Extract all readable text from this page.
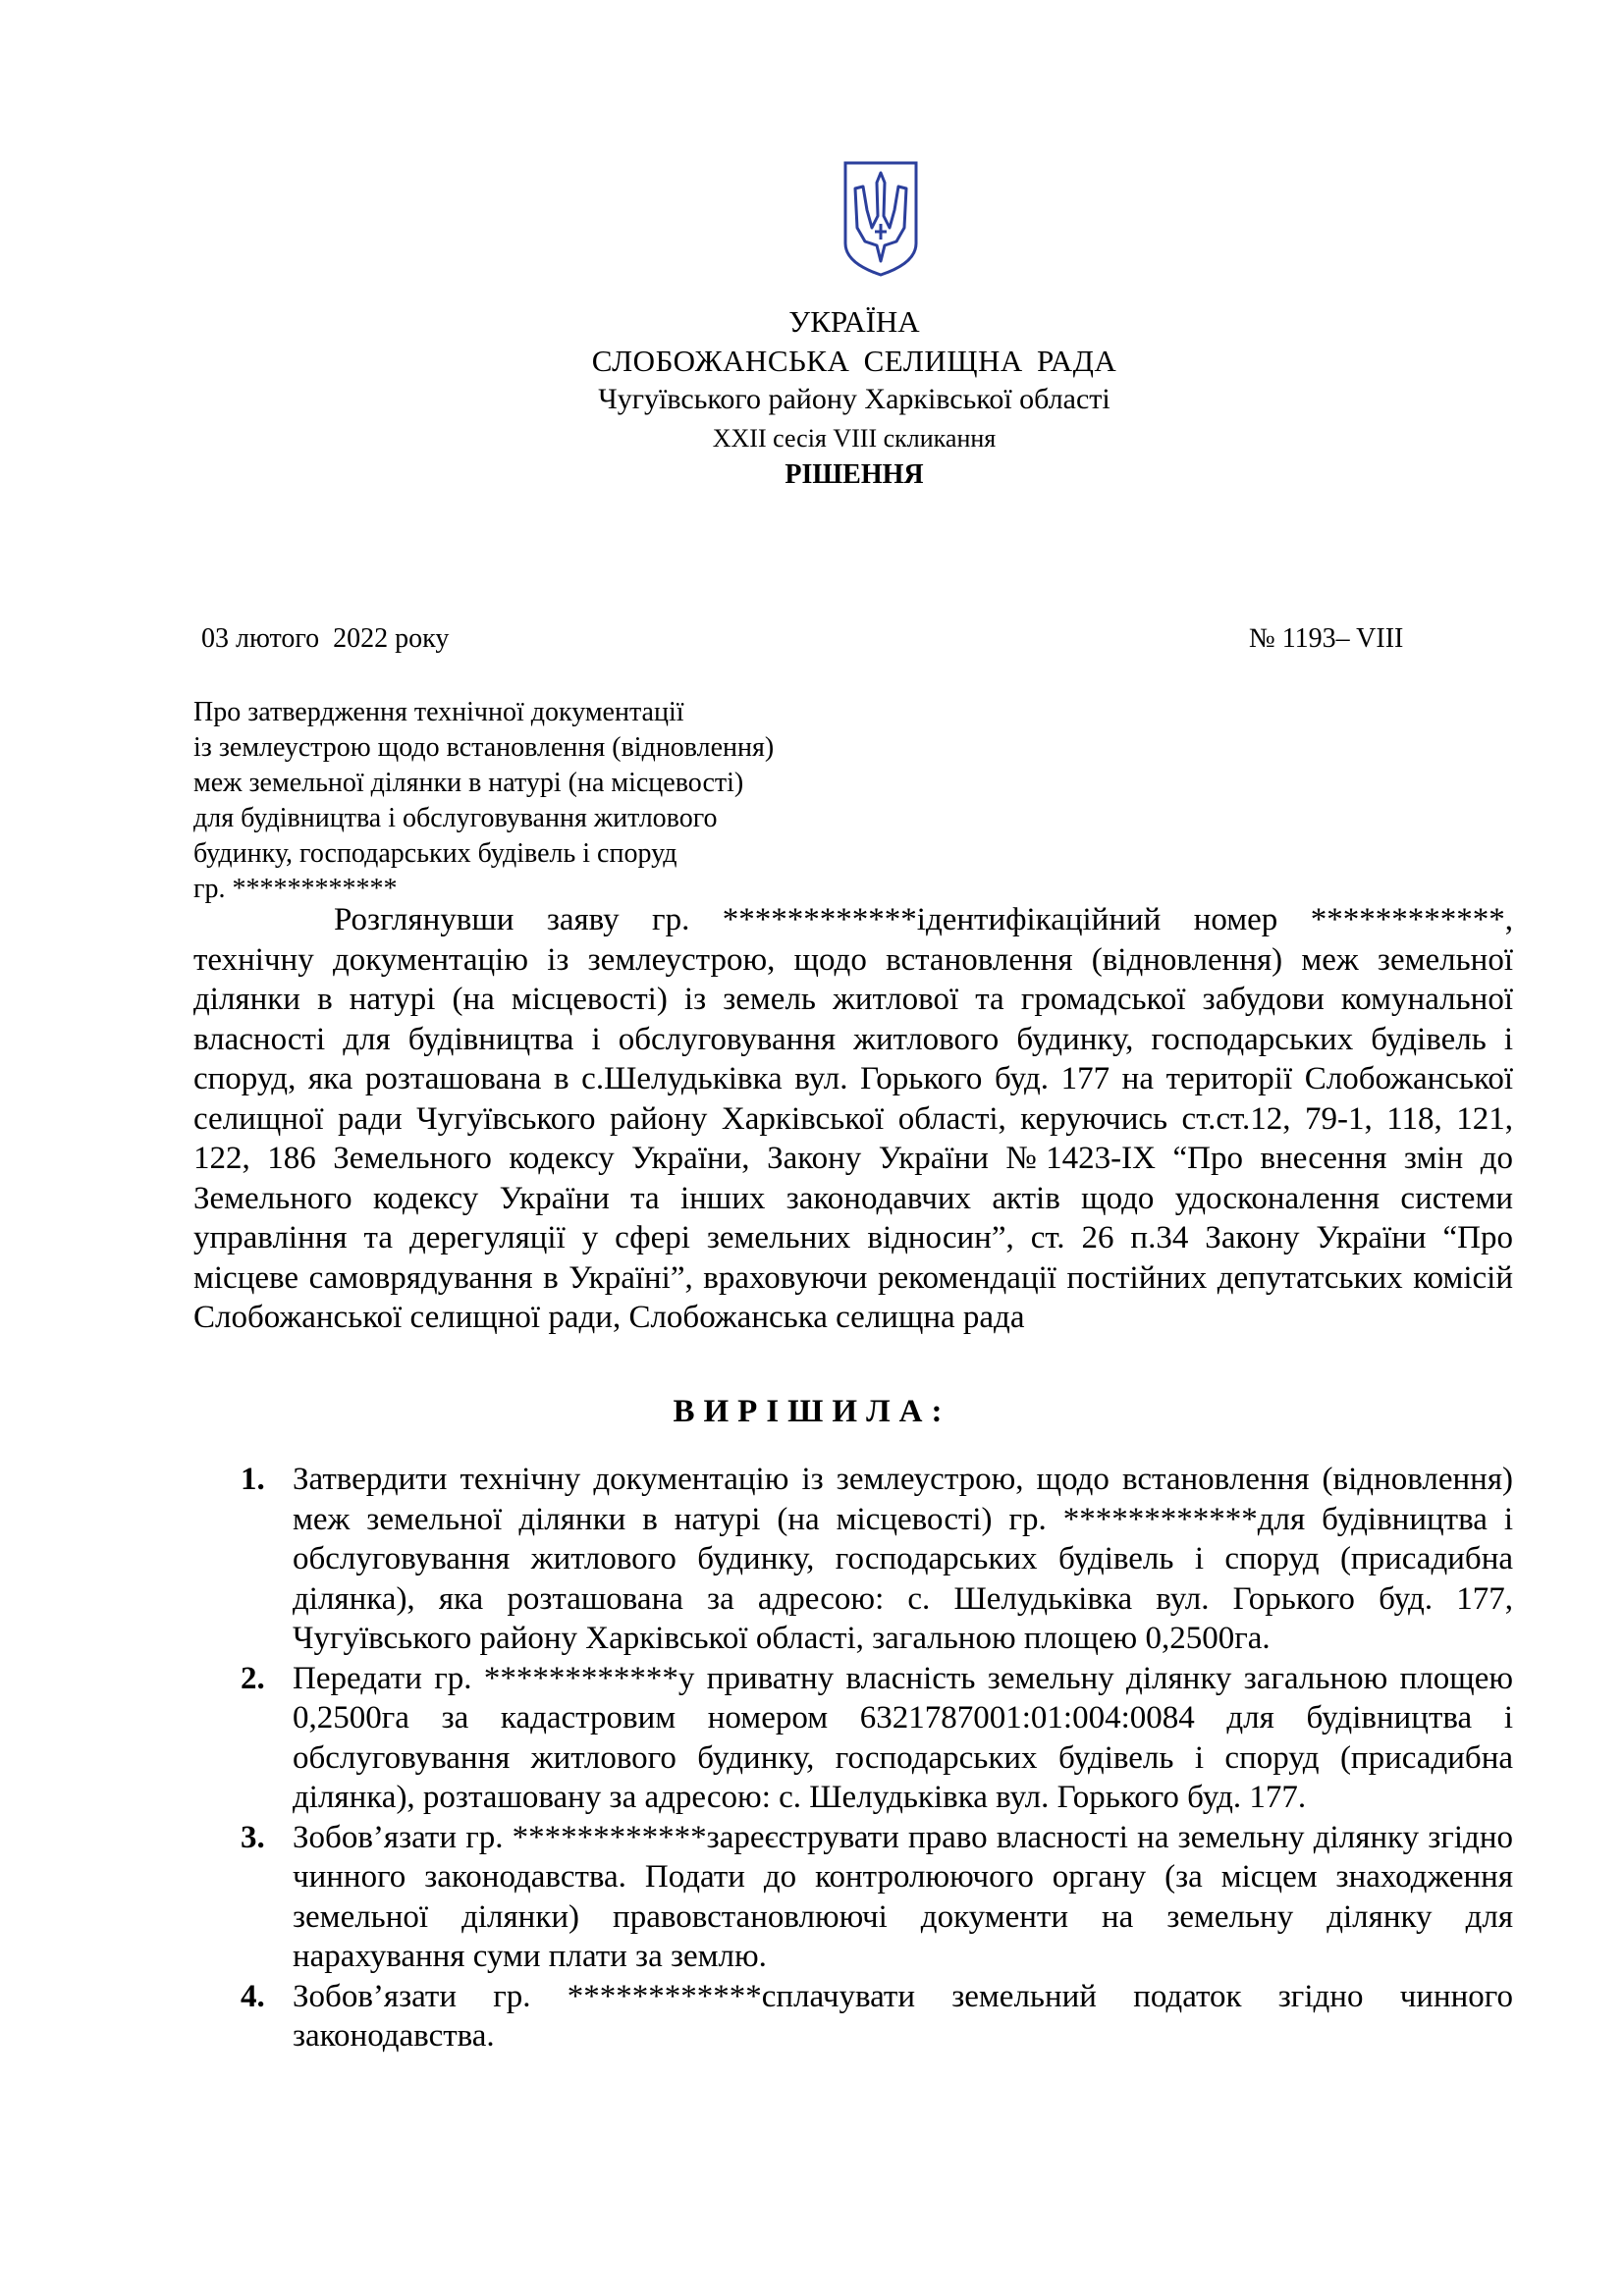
УКРАЇНА
СЛОБОЖАНСЬКА СЕЛИЩНА РАДА
Чугуївського району Харківської області
XXII сесія VIII скликання
РІШЕННЯ
03 лютого  2022 року	№ 1193– VIII
Про затвердження технічної документації
із землеустрою щодо встановлення (відновлення)
меж земельної ділянки в натурі (на місцевості)
для будівництва і обслуговування житлового
будинку, господарських будівель і споруд
гр. ************
Розглянувши заяву гр. ************ідентифікаційний номер ************, технічну документацію із землеустрою, щодо встановлення (відновлення) меж земельної ділянки в натурі (на місцевості) із земель житлової та громадської забудови комунальної власності для будівництва і обслуговування житлового будинку, господарських будівель і споруд, яка розташована в с.Шелудьківка вул. Горького буд. 177 на території Слобожанської селищної ради Чугуївського району Харківської області, керуючись ст.ст.12, 79-1, 118, 121, 122, 186 Земельного кодексу України, Закону України №1423-IX “Про внесення змін до Земельного кодексу України та інших законодавчих актів щодо удосконалення системи управління та дерегуляції у сфері земельних відносин”, ст. 26 п.34 Закону України “Про місцеве самоврядування в Україні”, враховуючи рекомендації постійних депутатських комісій Слобожанської селищної ради, Слобожанська селищна рада
ВИРІШИЛА:
1. Затвердити технічну документацію із землеустрою, щодо встановлення (відновлення) меж земельної ділянки в натурі (на місцевості) гр. ************для будівництва і обслуговування житлового будинку, господарських будівель і споруд (присадибна ділянка), яка розташована за адресою: с. Шелудьківка вул. Горького буд. 177, Чугуївського району Харківської області, загальною площею 0,2500га.
2. Передати гр. ************у приватну власність земельну ділянку загальною площею 0,2500га за кадастровим номером 6321787001:01:004:0084 для будівництва і обслуговування житлового будинку, господарських будівель і споруд (присадибна ділянка), розташовану за адресою: с. Шелудьківка вул. Горького буд. 177.
3. Зобов’язати гр. ************зареєструвати право власності на земельну ділянку згідно чинного законодавства. Подати до контролюючого органу (за місцем знаходження земельної ділянки) правовстановлюючі документи на земельну ділянку для нарахування суми плати за землю.
4. Зобов’язати гр. ************сплачувати земельний податок згідно чинного законодавства.
